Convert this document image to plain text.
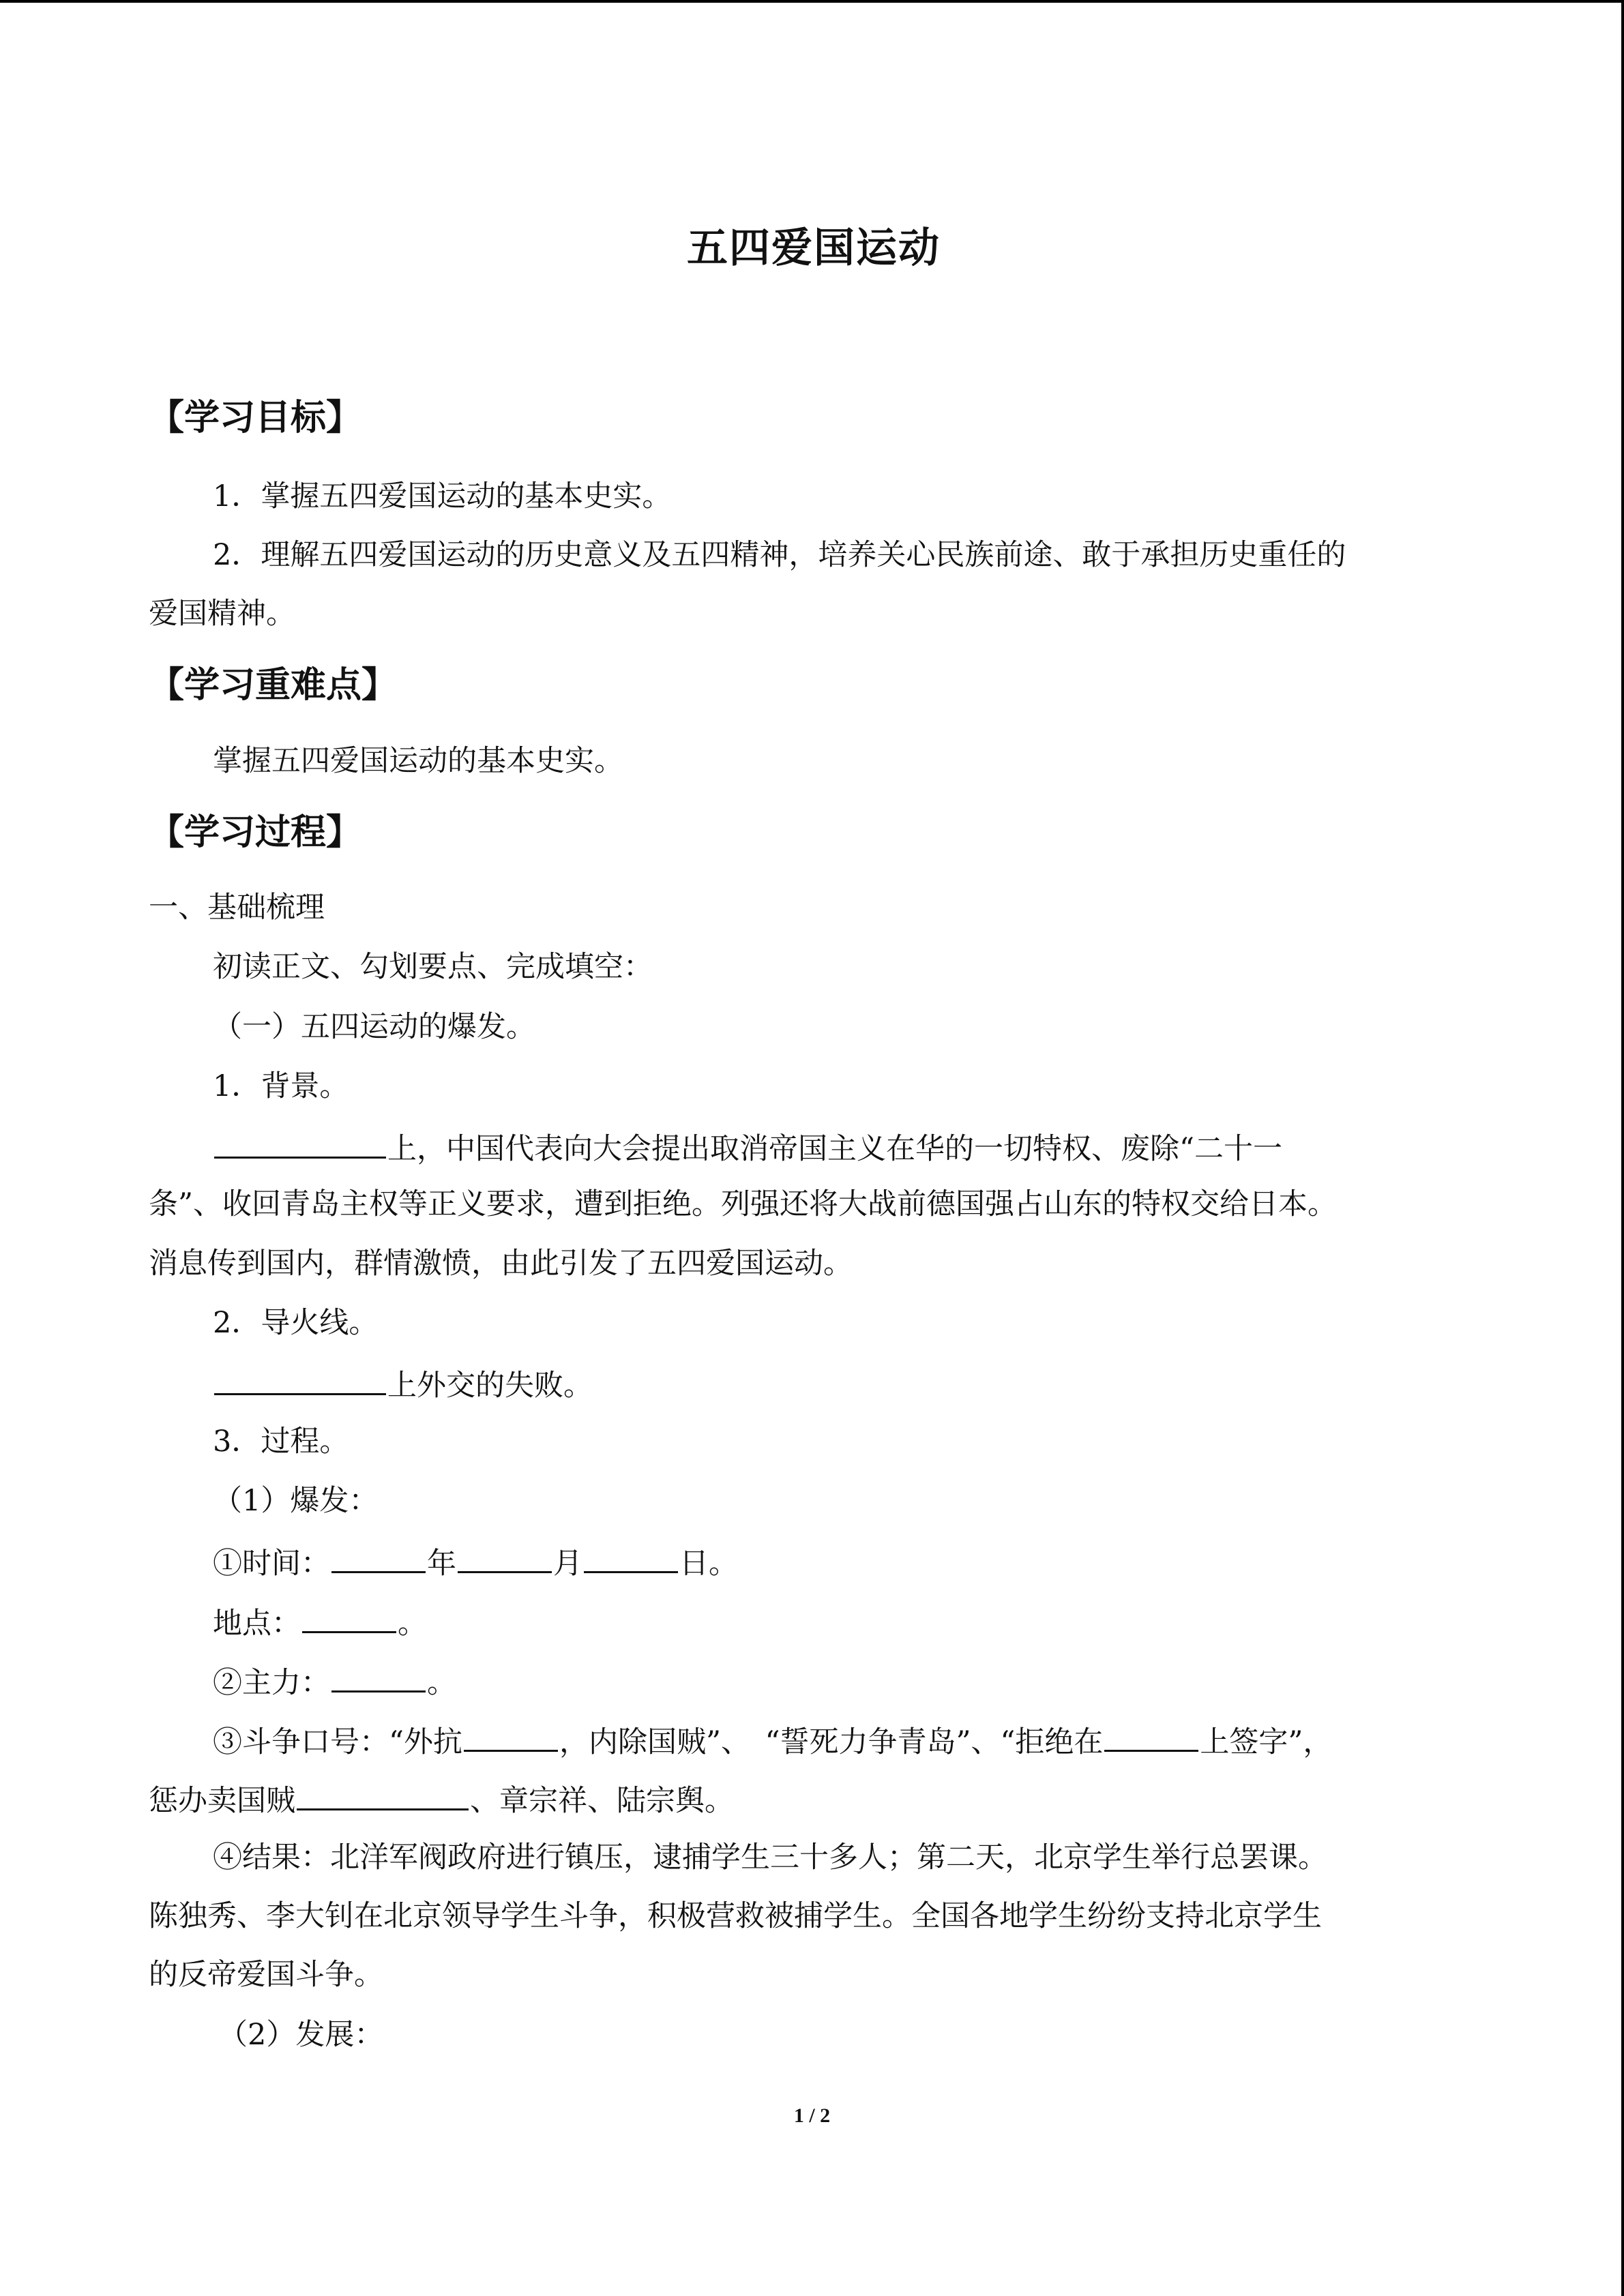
五四爱国运动
【学习目标】
1．掌握五四爱国运动的基本史实。
2．理解五四爱国运动的历史意义及五四精神，培养关心民族前途、敢于承担历史重任的
爱国精神。
【学习重难点】
掌握五四爱国运动的基本史实。
【学习过程】
一、基础梳理
初读正文、勾划要点、完成填空：
（一）五四运动的爆发。
1．背景。
上，中国代表向大会提出取消帝国主义在华的一切特权、废除“二十一
条”、收回青岛主权等正义要求，遭到拒绝。列强还将大战前德国强占山东的特权交给日本。
消息传到国内，群情激愤，由此引发了五四爱国运动。
2．导火线。
上外交的失败。
3．过程。
（1）爆发：
①时间：	年	月	日。
地点：	。
②主力：	。
③斗争口号：“外抗	，内除国贼”、　“誓死力争青岛”、“拒绝在	上签字”，
惩办卖国贼	、章宗祥、陆宗舆。
④结果：北洋军阀政府进行镇压，逮捕学生三十多人；第二天，北京学生举行总罢课。
陈独秀、李大钊在北京领导学生斗争，积极营救被捕学生。全国各地学生纷纷支持北京学生
的反帝爱国斗争。
（2）发展：
1 / 2
